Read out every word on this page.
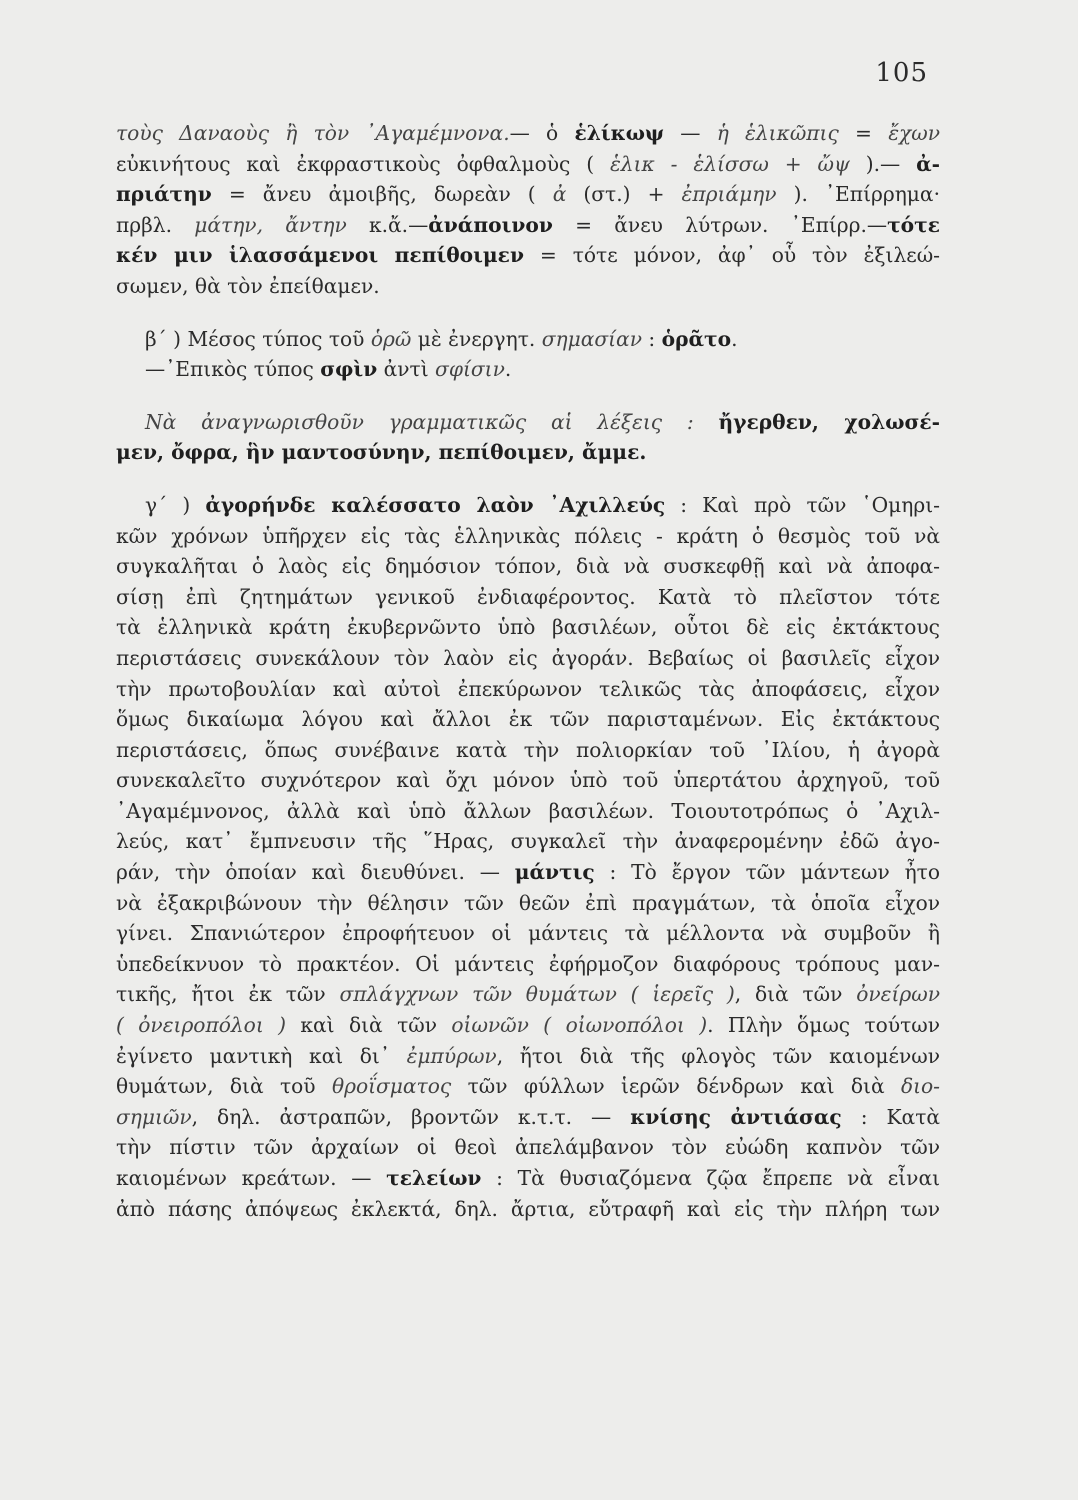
105
τοὺς Δαναοὺς ἢ τὸν ᾿Αγαμέμνονα.— ὁ ἑλίκωψ — ἡ ἑλικῶπις = ἔχων
εὐκινήτους καὶ ἐκφραστικοὺς ὀφθαλμοὺς ( ἑλικ - ἑλίσσω + ὤψ ).— ἀ-
πριάτην = ἄνευ ἀμοιβῆς, δωρεὰν ( ἀ (στ.) + ἐπριάμην ). ᾿Επίρρημα·
πρβλ. μάτην, ἄντην κ.ἄ.—ἀνάποινον = ἄνευ λύτρων. ᾿Επίρρ.—τότε
κέν μιν ἱλασσάμενοι πεπίθοιμεν = τότε μόνον, ἀφ᾿ οὗ τὸν ἐξιλεώ-
σωμεν, θὰ τὸν ἐπείθαμεν.
β´ ) Μέσος τύπος τοῦ ὁρῶ μὲ ἐνεργητ. σημασίαν : ὁρᾶτο.
—᾿Επικὸς τύπος σφὶν ἀντὶ σφίσιν.
Νὰ ἀναγνωρισθοῦν γραμματικῶς αἱ λέξεις : ἤγερθεν, χολωσέ-
μεν, ὄφρα, ἣν μαντοσύνην, πεπίθοιμεν, ἄμμε.
γ´ ) ἀγορήνδε καλέσσατο λαὸν ᾿Αχιλλεύς : Καὶ πρὸ τῶν ῾Ομηρι-
κῶν χρόνων ὑπῆρχεν εἰς τὰς ἑλληνικὰς πόλεις - κράτη ὁ θεσμὸς τοῦ νὰ
συγκαλῆται ὁ λαὸς εἰς δημόσιον τόπον, διὰ νὰ συσκεφθῇ καὶ νὰ ἀποφα-
σίσῃ ἐπὶ ζητημάτων γενικοῦ ἐνδιαφέροντος. Κατὰ τὸ πλεῖστον τότε
τὰ ἑλληνικὰ κράτη ἐκυβερνῶντο ὑπὸ βασιλέων, οὗτοι δὲ εἰς ἐκτάκτους
περιστάσεις συνεκάλουν τὸν λαὸν εἰς ἀγοράν. Βεβαίως οἱ βασιλεῖς εἶχον
τὴν πρωτοβουλίαν καὶ αὐτοὶ ἐπεκύρωνον τελικῶς τὰς ἀποφάσεις, εἶχον
ὅμως δικαίωμα λόγου καὶ ἄλλοι ἐκ τῶν παρισταμένων. Εἰς ἐκτάκτους
περιστάσεις, ὅπως συνέβαινε κατὰ τὴν πολιορκίαν τοῦ ᾿Ιλίου, ἡ ἀγορὰ
συνεκαλεῖτο συχνότερον καὶ ὄχι μόνον ὑπὸ τοῦ ὑπερτάτου ἀρχηγοῦ, τοῦ
᾿Αγαμέμνονος, ἀλλὰ καὶ ὑπὸ ἄλλων βασιλέων. Τοιουτοτρόπως ὁ ᾿Αχιλ-
λεύς, κατ᾿ ἔμπνευσιν τῆς ῞Ηρας, συγκαλεῖ τὴν ἀναφερομένην ἐδῶ ἀγο-
ράν, τὴν ὁποίαν καὶ διευθύνει. — μάντις : Τὸ ἔργον τῶν μάντεων ἦτο
νὰ ἐξακριβώνουν τὴν θέλησιν τῶν θεῶν ἐπὶ πραγμάτων, τὰ ὁποῖα εἶχον
γίνει. Σπανιώτερον ἐπροφήτευον οἱ μάντεις τὰ μέλλοντα νὰ συμβοῦν ἢ
ὑπεδείκνυον τὸ πρακτέον. Οἱ μάντεις ἐφήρμοζον διαφόρους τρόπους μαν-
τικῆς, ἤτοι ἐκ τῶν σπλάγχνων τῶν θυμάτων ( ἱερεῖς ), διὰ τῶν ὀνείρων
( ὀνειροπόλοι ) καὶ διὰ τῶν οἰωνῶν ( οἰωνοπόλοι ). Πλὴν ὅμως τούτων
ἐγίνετο μαντικὴ καὶ δι᾿ ἐμπύρων, ἤτοι διὰ τῆς φλογὸς τῶν καιομένων
θυμάτων, διὰ τοῦ θροΐσματος τῶν φύλλων ἱερῶν δένδρων καὶ διὰ διο-
σημιῶν, δηλ. ἀστραπῶν, βροντῶν κ.τ.τ. — κνίσης ἀντιάσας : Κατὰ
τὴν πίστιν τῶν ἀρχαίων οἱ θεοὶ ἀπελάμβανον τὸν εὐώδη καπνὸν τῶν
καιομένων κρεάτων. — τελείων : Τὰ θυσιαζόμενα ζῷα ἔπρεπε νὰ εἶναι
ἀπὸ πάσης ἀπόψεως ἐκλεκτά, δηλ. ἄρτια, εὔτραφῆ καὶ εἰς τὴν πλήρη των
